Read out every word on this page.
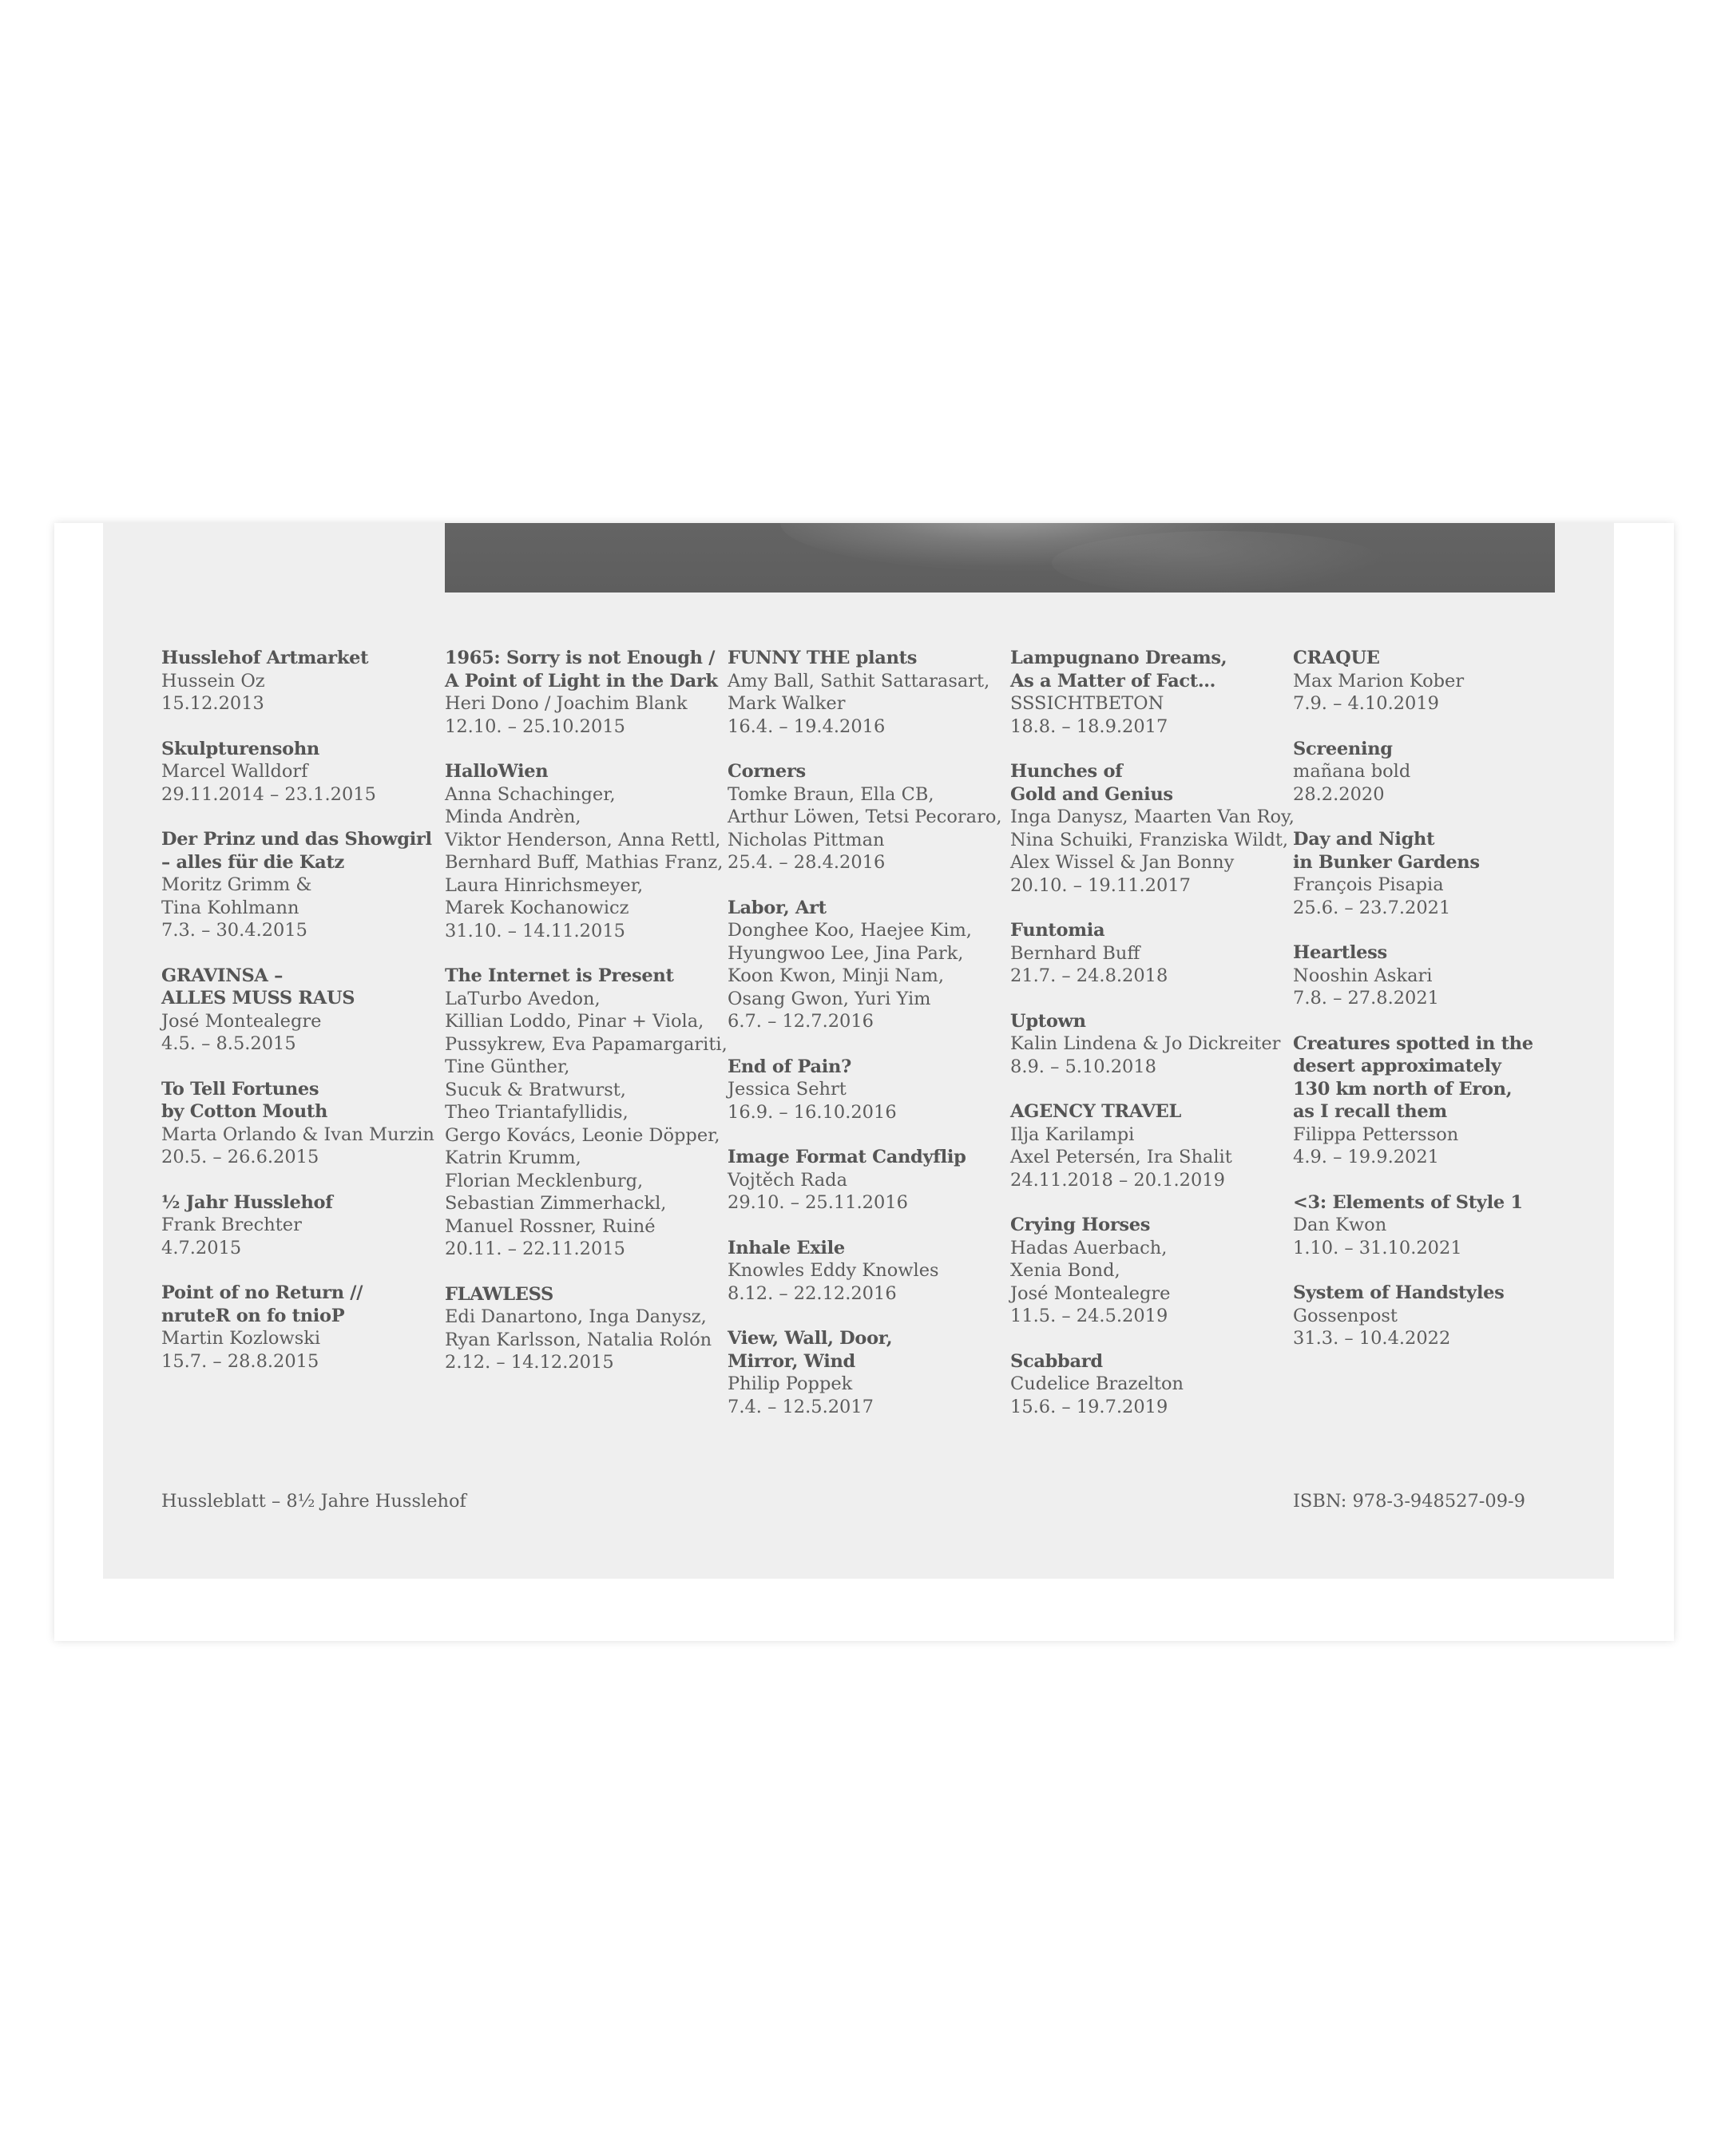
Husslehof Artmarket
Hussein Oz
15.12.2013
Skulpturensohn
Marcel Walldorf
29.11.2014 – 23.1.2015
Der Prinz und das Showgirl
– alles für die Katz
Moritz Grimm &
Tina Kohlmann
7.3. – 30.4.2015
GRAVINSA –
ALLES MUSS RAUS
José Montealegre
4.5. – 8.5.2015
To Tell Fortunes
by Cotton Mouth
Marta Orlando & Ivan Murzin
20.5. – 26.6.2015
½ Jahr Husslehof
Frank Brechter
4.7.2015
Point of no Return //
nruteR on fo tnioP
Martin Kozlowski
15.7. – 28.8.2015
1965: Sorry is not Enough /
A Point of Light in the Dark
Heri Dono / Joachim Blank
12.10. – 25.10.2015
HalloWien
Anna Schachinger,
Minda Andrèn,
Viktor Henderson, Anna Rettl,
Bernhard Buff, Mathias Franz,
Laura Hinrichsmeyer,
Marek Kochanowicz
31.10. – 14.11.2015
The Internet is Present
LaTurbo Avedon,
Killian Loddo, Pinar + Viola,
Pussykrew, Eva Papamargariti,
Tine Günther,
Sucuk & Bratwurst,
Theo Triantafyllidis,
Gergo Kovács, Leonie Döpper,
Katrin Krumm,
Florian Mecklenburg,
Sebastian Zimmerhackl,
Manuel Rossner, Ruiné
20.11. – 22.11.2015
FLAWLESS
Edi Danartono, Inga Danysz,
Ryan Karlsson, Natalia Rolón
2.12. – 14.12.2015
FUNNY THE plants
Amy Ball, Sathit Sattarasart,
Mark Walker
16.4. – 19.4.2016
Corners
Tomke Braun, Ella CB,
Arthur Löwen, Tetsi Pecoraro,
Nicholas Pittman
25.4. – 28.4.2016
Labor, Art
Donghee Koo, Haejee Kim,
Hyungwoo Lee, Jina Park,
Koon Kwon, Minji Nam,
Osang Gwon, Yuri Yim
6.7. – 12.7.2016
End of Pain?
Jessica Sehrt
16.9. – 16.10.2016
Image Format Candyflip
Vojtěch Rada
29.10. – 25.11.2016
Inhale Exile
Knowles Eddy Knowles
8.12. – 22.12.2016
View, Wall, Door,
Mirror, Wind
Philip Poppek
7.4. – 12.5.2017
Lampugnano Dreams,
As a Matter of Fact…
SSSICHTBETON
18.8. – 18.9.2017
Hunches of
Gold and Genius
Inga Danysz, Maarten Van Roy,
Nina Schuiki, Franziska Wildt,
Alex Wissel & Jan Bonny
20.10. – 19.11.2017
Funtomia
Bernhard Buff
21.7. – 24.8.2018
Uptown
Kalin Lindena & Jo Dickreiter
8.9. – 5.10.2018
AGENCY TRAVEL
Ilja Karilampi
Axel Petersén, Ira Shalit
24.11.2018 – 20.1.2019
Crying Horses
Hadas Auerbach,
Xenia Bond,
José Montealegre
11.5. – 24.5.2019
Scabbard
Cudelice Brazelton
15.6. – 19.7.2019
CRAQUE
Max Marion Kober
7.9. – 4.10.2019
Screening
mañana bold
28.2.2020
Day and Night
in Bunker Gardens
François Pisapia
25.6. – 23.7.2021
Heartless
Nooshin Askari
7.8. – 27.8.2021
Creatures spotted in the
desert approximately
130 km north of Eron,
as I recall them
Filippa Pettersson
4.9. – 19.9.2021
<3: Elements of Style 1
Dan Kwon
1.10. – 31.10.2021
System of Handstyles
Gossenpost
31.3. – 10.4.2022
Hussleblatt – 8½ Jahre Husslehof	ISBN: 978-3-948527-09-9
